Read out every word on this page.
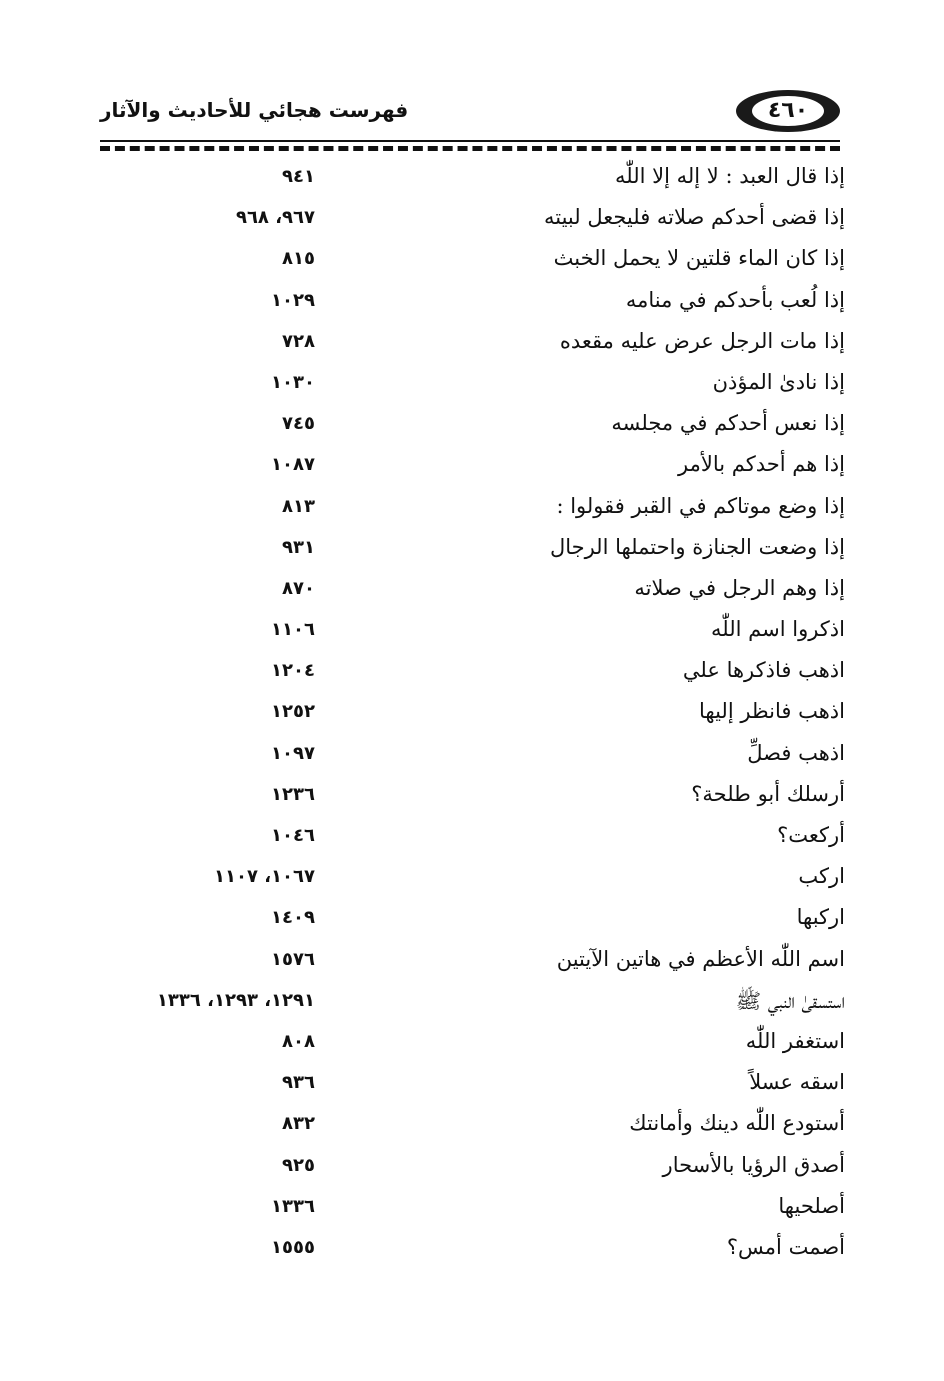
فهرست هجائي للأحاديث والآثار	٤٦٠
إذا قال العبد : لا إله إلا اللّٰه
٩٤١
إذا قضى أحدكم صلاته فليجعل لبيته
٩٦٧، ٩٦٨
إذا كان الماء قلتين لا يحمل الخبث
٨١٥
إذا لُعب بأحدكم في منامه
١٠٢٩
إذا مات الرجل عرض عليه مقعده
٧٢٨
إذا نادىٰ المؤذن
١٠٣٠
إذا نعس أحدكم في مجلسه
٧٤٥
إذا هم أحدكم بالأمر
١٠٨٧
إذا وضع موتاكم في القبر فقولوا :
٨١٣
إذا وضعت الجنازة واحتملها الرجال
٩٣١
إذا وهم الرجل في صلاته
٨٧٠
اذكروا اسم اللّٰه
١١٠٦
اذهب فاذكرها علي
١٢٠٤
اذهب فانظر إليها
١٢٥٢
اذهب فصلِّ
١٠٩٧
أرسلك أبو طلحة؟
١٢٣٦
أركعت؟
١٠٤٦
اركب
١٠٦٧، ١١٠٧
اركبها
١٤٠٩
اسم اللّٰه الأعظم في هاتين الآيتين
١٥٧٦
استسقىٰ النبي ﷺ
١٢٩١، ١٢٩٣، ١٣٣٦
استغفر اللّٰه
٨٠٨
اسقه عسلاً
٩٣٦
أستودع اللّٰه دينك وأمانتك
٨٣٢
أصدق الرؤيا بالأسحار
٩٢٥
أصلحيها
١٣٣٦
أصمت أمس؟
١٥٥٥
